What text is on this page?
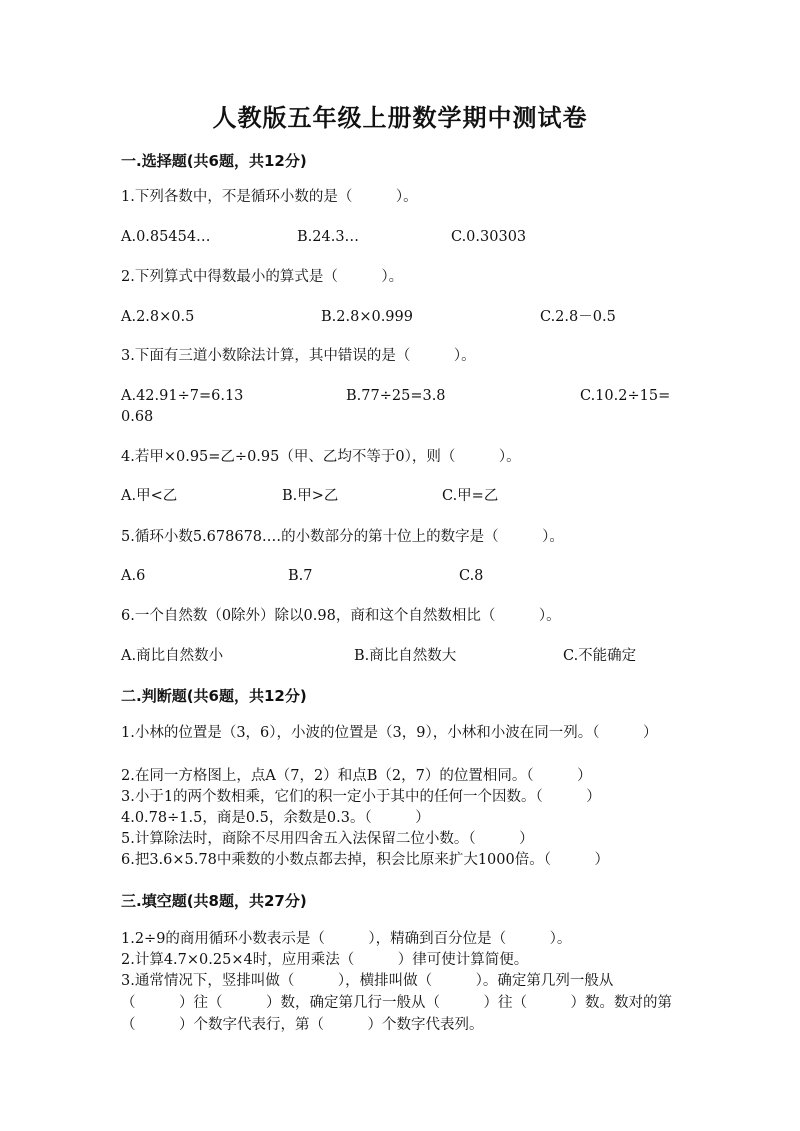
人教版五年级上册数学期中测试卷
一.选择题(共6题，共12分)
1.下列各数中，不是循环小数的是（　　　）。
A.0.85454…	B.24.3…	C.0.30303
2.下列算式中得数最小的算式是（　　　）。
A.2.8×0.5	B.2.8×0.999	C.2.8－0.5
3.下面有三道小数除法计算，其中错误的是（　　　）。
A.42.91÷7=6.13	B.77÷25=3.8	C.10.2÷15=
0.68
4.若甲×0.95=乙÷0.95（甲、乙均不等于0），则（　　　）。
A.甲<乙	B.甲>乙	C.甲=乙
5.循环小数5.678678.…的小数部分的第十位上的数字是（　　　）。
A.6	B.7	C.8
6.一个自然数（0除外）除以0.98，商和这个自然数相比（　　　）。
A.商比自然数小	B.商比自然数大	C.不能确定
二.判断题(共6题，共12分)
1.小林的位置是（3，6），小波的位置是（3，9），小林和小波在同一列。（　　　）
2.在同一方格图上，点A（7，2）和点B（2，7）的位置相同。（　　　）
3.小于1的两个数相乘，它们的积一定小于其中的任何一个因数。（　　　）
4.0.78÷1.5，商是0.5，余数是0.3。（　　　）
5.计算除法时，商除不尽用四舍五入法保留二位小数。（　　　）
6.把3.6×5.78中乘数的小数点都去掉，积会比原来扩大1000倍。（　　　）
三.填空题(共8题，共27分)
1.2÷9的商用循环小数表示是（　　　），精确到百分位是（　　　）。
2.计算4.7×0.25×4时，应用乘法（　　　）律可使计算简便。
3.通常情况下，竖排叫做（　　　），横排叫做（　　　）。确定第几列一般从（　　　）往（　　　）数，确定第几行一般从（　　　）往（　　　）数。数对的第（　　　）个数字代表行，第（　　　）个数字代表列。
